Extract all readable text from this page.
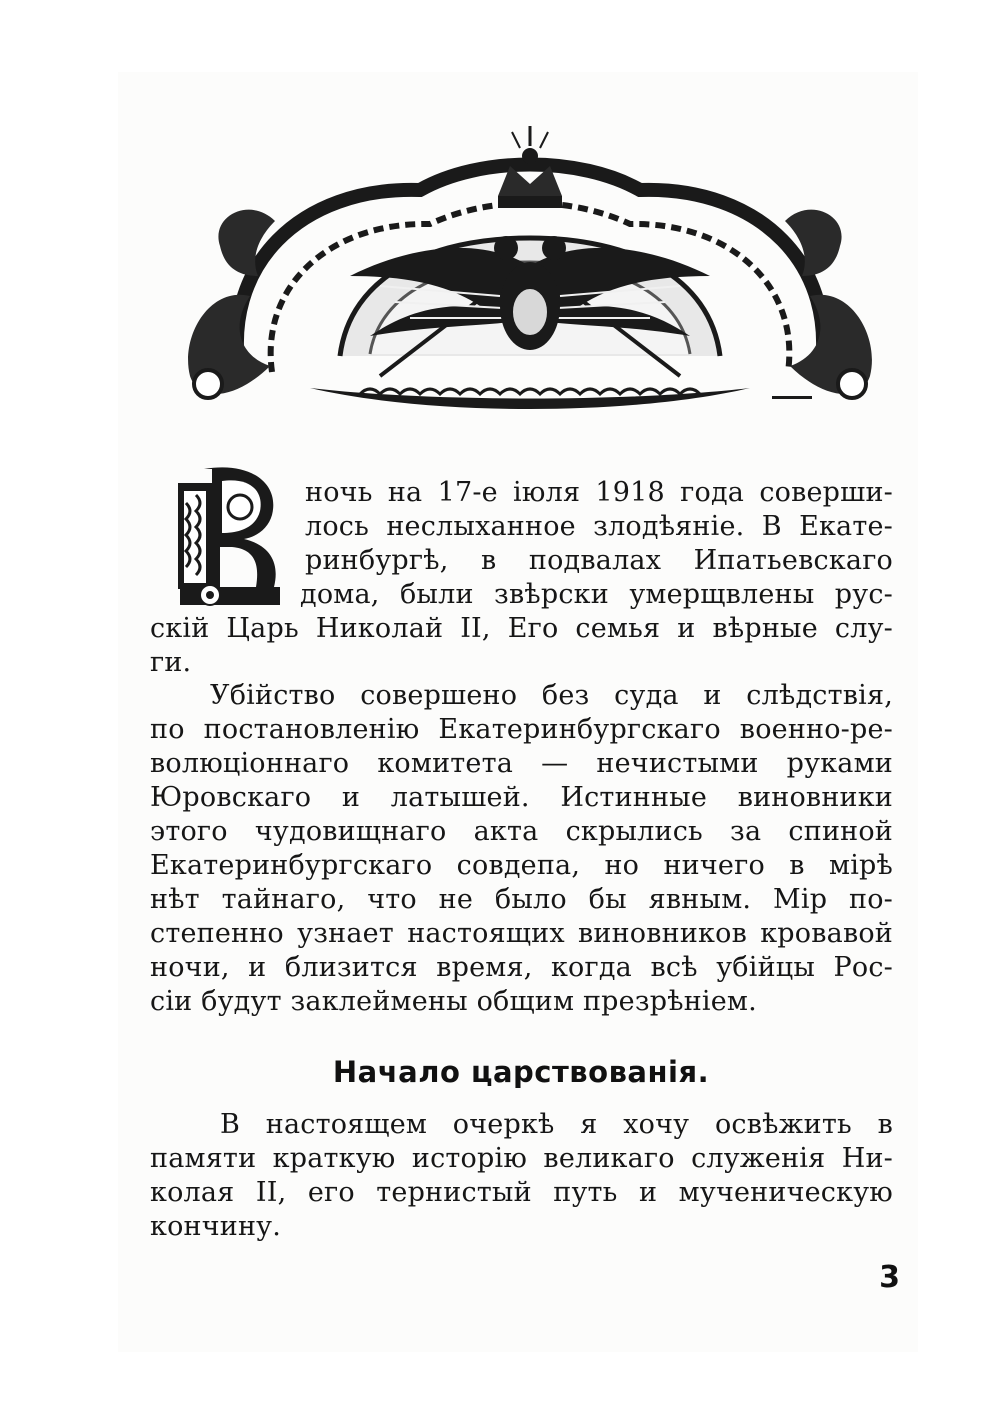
ночь на 17-е іюля 1918 года соверши-
лось неслыханное злодѣяніе. В Екате-
ринбургѣ, в подвалах Ипатьевскаго
дома, были звѣрски умерщвлены рус-
скій Царь Николай II, Его семья и вѣрные слу-
ги.
Убійство совершено без суда и слѣдствія,
по постановленію Екатеринбургскаго военно-ре-
волюціоннаго комитета — нечистыми руками
Юровскаго и латышей. Истинные виновники
этого чудовищнаго акта скрылись за спиной
Екатеринбургскаго совдепа, но ничего в мірѣ
нѣт тайнаго, что не было бы явным. Мір по-
степенно узнает настоящих виновников кровавой
ночи, и близится время, когда всѣ убійцы Рос-
сіи будут заклеймены общим презрѣніем.
Начало царствованія.
В настоящем очеркѣ я хочу освѣжить в
памяти краткую исторію великаго служенія Ни-
колая II, его тернистый путь и мученическую
кончину.
3
